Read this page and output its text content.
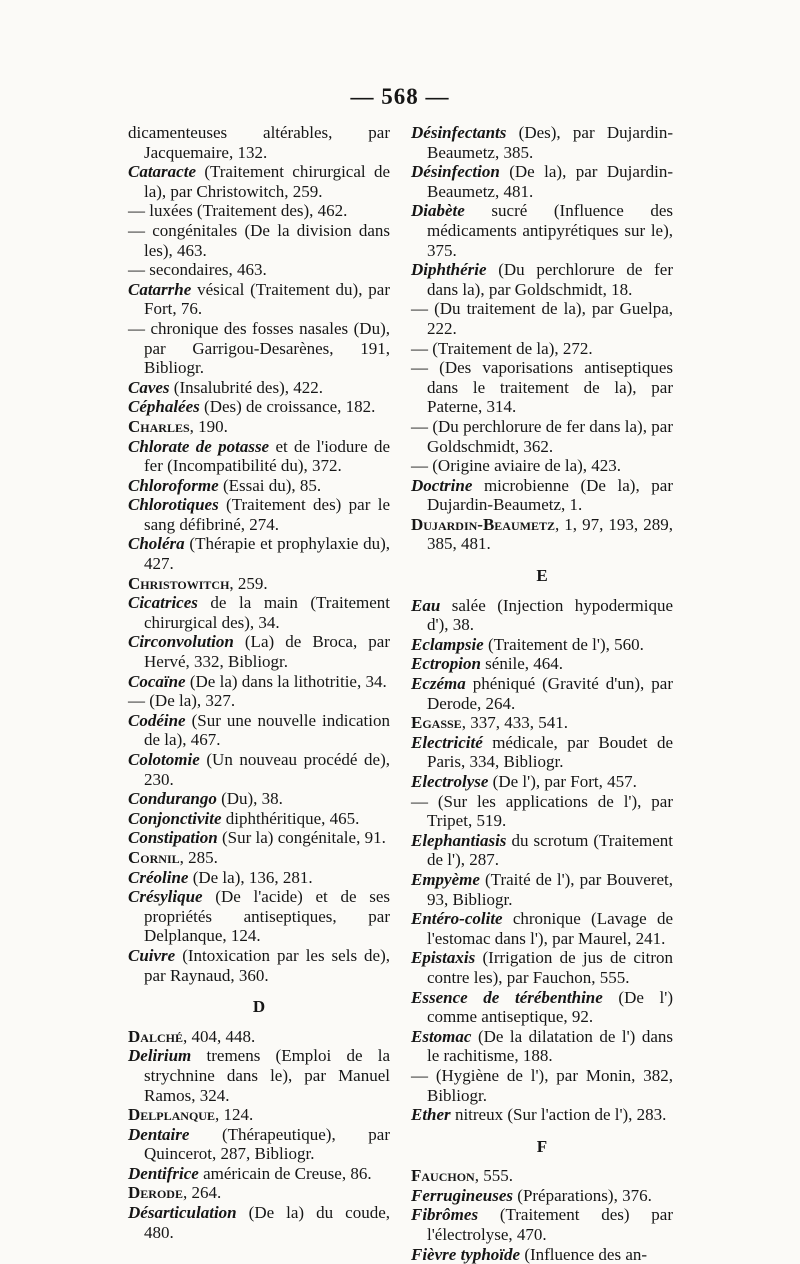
— 568 —
dicamenteuses altérables, par Jacquemaire, 132.
Cataracte (Traitement chirurgical de la), par Christowitch, 259.
— luxées (Traitement des), 462.
— congénitales (De la division dans les), 463.
— secondaires, 463.
Catarrhe vésical (Traitement du), par Fort, 76.
— chronique des fosses nasales (Du), par Garrigou-Desarènes, 191, Bibliogr.
Caves (Insalubrité des), 422.
Céphalées (Des) de croissance, 182.
Charles, 190.
Chlorate de potasse et de l'iodure de fer (Incompatibilité du), 372.
Chloroforme (Essai du), 85.
Chlorotiques (Traitement des) par le sang défibriné, 274.
Choléra (Thérapie et prophylaxie du), 427.
Christowitch, 259.
Cicatrices de la main (Traitement chirurgical des), 34.
Circonvolution (La) de Broca, par Hervé, 332, Bibliogr.
Cocaïne (De la) dans la lithotritie, 34.
— (De la), 327.
Codéine (Sur une nouvelle indication de la), 467.
Colotomie (Un nouveau procédé de), 230.
Condurango (Du), 38.
Conjonctivite diphthéritique, 465.
Constipation (Sur la) congénitale, 91.
Cornil, 285.
Créoline (De la), 136, 281.
Crésylique (De l'acide) et de ses propriétés antiseptiques, par Delplanque, 124.
Cuivre (Intoxication par les sels de), par Raynaud, 360.
D
Dalché, 404, 448.
Delirium tremens (Emploi de la strychnine dans le), par Manuel Ramos, 324.
Delplanque, 124.
Dentaire (Thérapeutique), par Quincerot, 287, Bibliogr.
Dentifrice américain de Creuse, 86.
Derode, 264.
Désarticulation (De la) du coude, 480.
Désinfectants (Des), par Dujardin-Beaumetz, 385.
Désinfection (De la), par Dujardin-Beaumetz, 481.
Diabète sucré (Influence des médicaments antipyrétiques sur le), 375.
Diphthérie (Du perchlorure de fer dans la), par Goldschmidt, 18.
— (Du traitement de la), par Guelpa, 222.
— (Traitement de la), 272.
— (Des vaporisations antiseptiques dans le traitement de la), par Paterne, 314.
— (Du perchlorure de fer dans la), par Goldschmidt, 362.
— (Origine aviaire de la), 423.
Doctrine microbienne (De la), par Dujardin-Beaumetz, 1.
Dujardin-Beaumetz, 1, 97, 193, 289, 385, 481.
E
Eau salée (Injection hypodermique d'), 38.
Eclampsie (Traitement de l'), 560.
Ectropion sénile, 464.
Eczéma phéniqué (Gravité d'un), par Derode, 264.
Egasse, 337, 433, 541.
Electricité médicale, par Boudet de Paris, 334, Bibliogr.
Electrolyse (De l'), par Fort, 457.
— (Sur les applications de l'), par Tripet, 519.
Elephantiasis du scrotum (Traitement de l'), 287.
Empyème (Traité de l'), par Bouveret, 93, Bibliogr.
Entéro-colite chronique (Lavage de l'estomac dans l'), par Maurel, 241.
Epistaxis (Irrigation de jus de citron contre les), par Fauchon, 555.
Essence de térébenthine (De l') comme antiseptique, 92.
Estomac (De la dilatation de l') dans le rachitisme, 188.
— (Hygiène de l'), par Monin, 382, Bibliogr.
Ether nitreux (Sur l'action de l'), 283.
F
Fauchon, 555.
Ferrugineuses (Préparations), 376.
Fibrômes (Traitement des) par l'électrolyse, 470.
Fièvre typhoïde (Influence des an-
